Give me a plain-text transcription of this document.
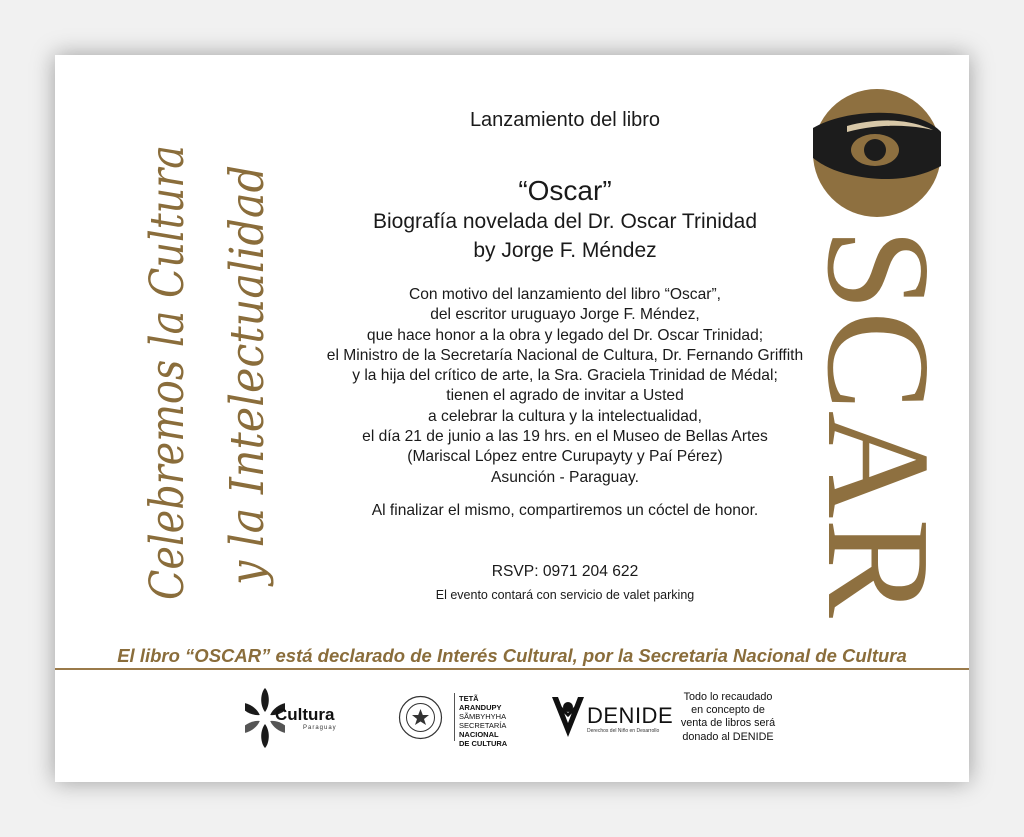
Celebremos la Cultura y la Intelectualidad
Lanzamiento del libro
“Oscar”
Biografía novelada del Dr. Oscar Trinidad
by Jorge F. Méndez
Con motivo del lanzamiento del libro “Oscar”,
del escritor uruguayo Jorge F. Méndez,
que hace honor a la obra y legado del Dr. Oscar Trinidad;
el Ministro de la Secretaría Nacional de Cultura, Dr. Fernando Griffith
y la hija del crítico de arte, la Sra. Graciela Trinidad de Médal;
tienen el agrado de invitar a Usted
a celebrar la cultura y la intelectualidad,
el día 21 de junio a las 19 hrs. en el Museo de Bellas Artes
(Mariscal López entre Curupayty y Paí Pérez)
Asunción - Paraguay.
Al finalizar el mismo, compartiremos un cóctel de honor.
RSVP: 0971 204 622
El evento contará con servicio de valet parking SCAR
El libro “OSCAR” está declarado de Interés Cultural, por la Secretaria Nacional de Cultura
Cultura
Paraguay
TETÃ
ARANDUPY
SÃMBYHYHA
SECRETARÍA
NACIONAL
DE CULTURA
DENIDE
Derechos del Niño en Desarrollo
Todo lo recaudado
en concepto de
venta de libros será
donado al DENIDE
